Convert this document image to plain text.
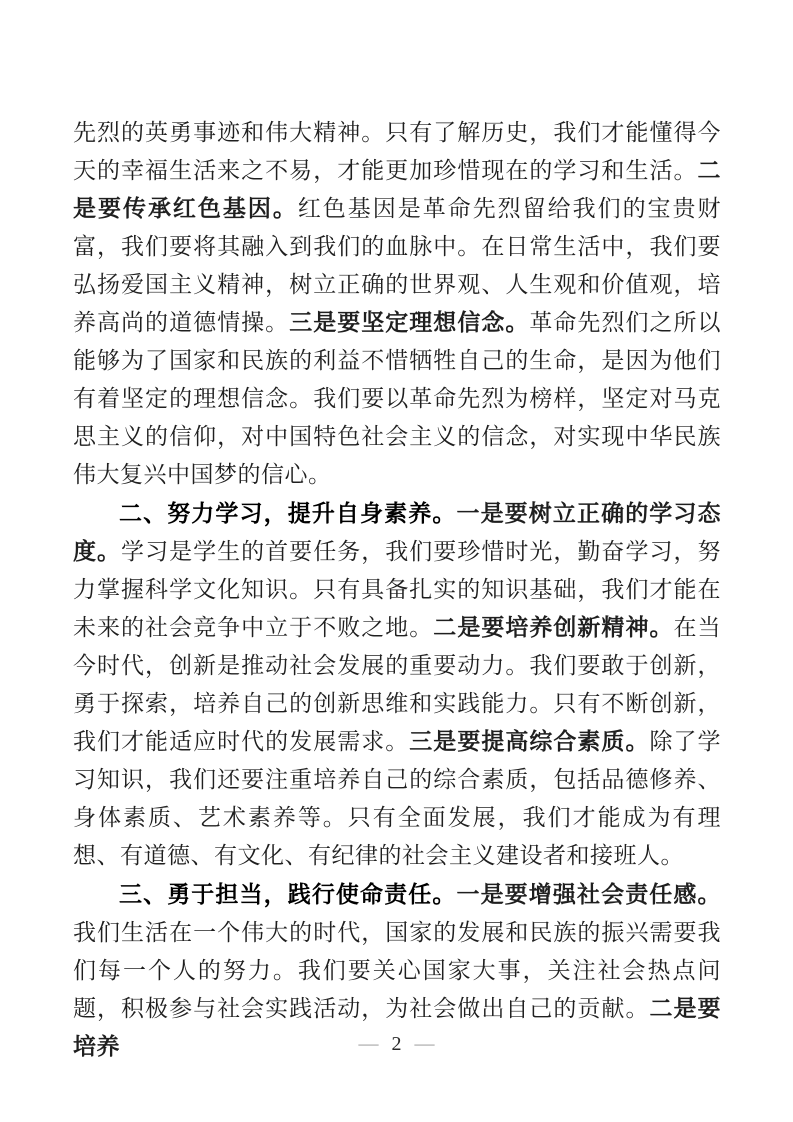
先烈的英勇事迹和伟大精神。只有了解历史，我们才能懂得今天的幸福生活来之不易，才能更加珍惜现在的学习和生活。二是要传承红色基因。红色基因是革命先烈留给我们的宝贵财富，我们要将其融入到我们的血脉中。在日常生活中，我们要弘扬爱国主义精神，树立正确的世界观、人生观和价值观，培养高尚的道德情操。三是要坚定理想信念。革命先烈们之所以能够为了国家和民族的利益不惜牺牲自己的生命，是因为他们有着坚定的理想信念。我们要以革命先烈为榜样，坚定对马克思主义的信仰，对中国特色社会主义的信念，对实现中华民族伟大复兴中国梦的信心。

二、努力学习，提升自身素养。一是要树立正确的学习态度。学习是学生的首要任务，我们要珍惜时光，勤奋学习，努力掌握科学文化知识。只有具备扎实的知识基础，我们才能在未来的社会竞争中立于不败之地。二是要培养创新精神。在当今时代，创新是推动社会发展的重要动力。我们要敢于创新，勇于探索，培养自己的创新思维和实践能力。只有不断创新，我们才能适应时代的发展需求。三是要提高综合素质。除了学习知识，我们还要注重培养自己的综合素质，包括品德修养、身体素质、艺术素养等。只有全面发展，我们才能成为有理想、有道德、有文化、有纪律的社会主义建设者和接班人。

三、勇于担当，践行使命责任。一是要增强社会责任感。我们生活在一个伟大的时代，国家的发展和民族的振兴需要我们每一个人的努力。我们要关心国家大事，关注社会热点问题，积极参与社会实践活动，为社会做出自己的贡献。二是要培养	— 2 —
